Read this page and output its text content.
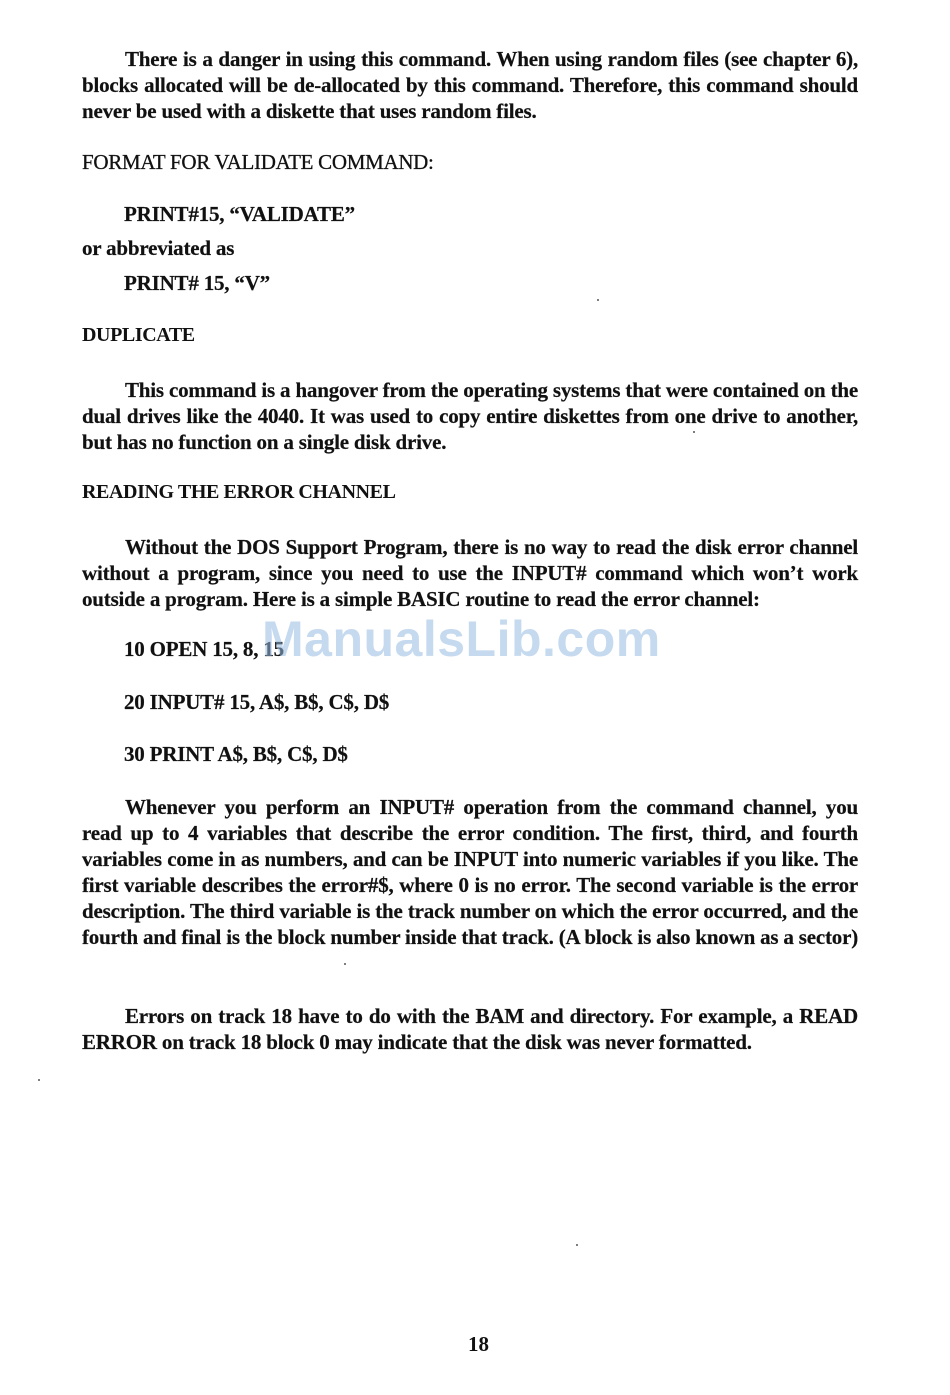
There is a danger in using this command. When using random files (see chapter 6), blocks allocated will be de-allocated by this command. Therefore, this command should never be used with a diskette that uses random files.

FORMAT FOR VALIDATE COMMAND:
PRINT#15, “VALIDATE”
or abbreviated as
PRINT# 15, “V”
DUPLICATE

This command is a hangover from the operating systems that were contained on the dual drives like the 4040. It was used to copy entire diskettes from one drive to another, but has no function on a single disk drive.

READING THE ERROR CHANNEL

Without the DOS Support Program, there is no way to read the disk error channel without a program, since you need to use the INPUT# command which won’t work outside a program. Here is a simple BASIC routine to read the error channel:

10 OPEN 15, 8, 15
20 INPUT# 15, A$, B$, C$, D$
30 PRINT A$, B$, C$, D$

Whenever you perform an INPUT# operation from the command channel, you read up to 4 variables that describe the error condition. The first, third, and fourth variables come in as numbers, and can be INPUT into numeric variables if you like. The first variable describes the error#$, where 0 is no error. The second variable is the error description. The third variable is the track number on which the error occurred, and the fourth and final is the block number inside that track. (A block is also known as a sector)

Errors on track 18 have to do with the BAM and directory. For example, a READ ERROR on track 18 block 0 may indicate that the disk was never formatted.

ManualsLib.com
18
